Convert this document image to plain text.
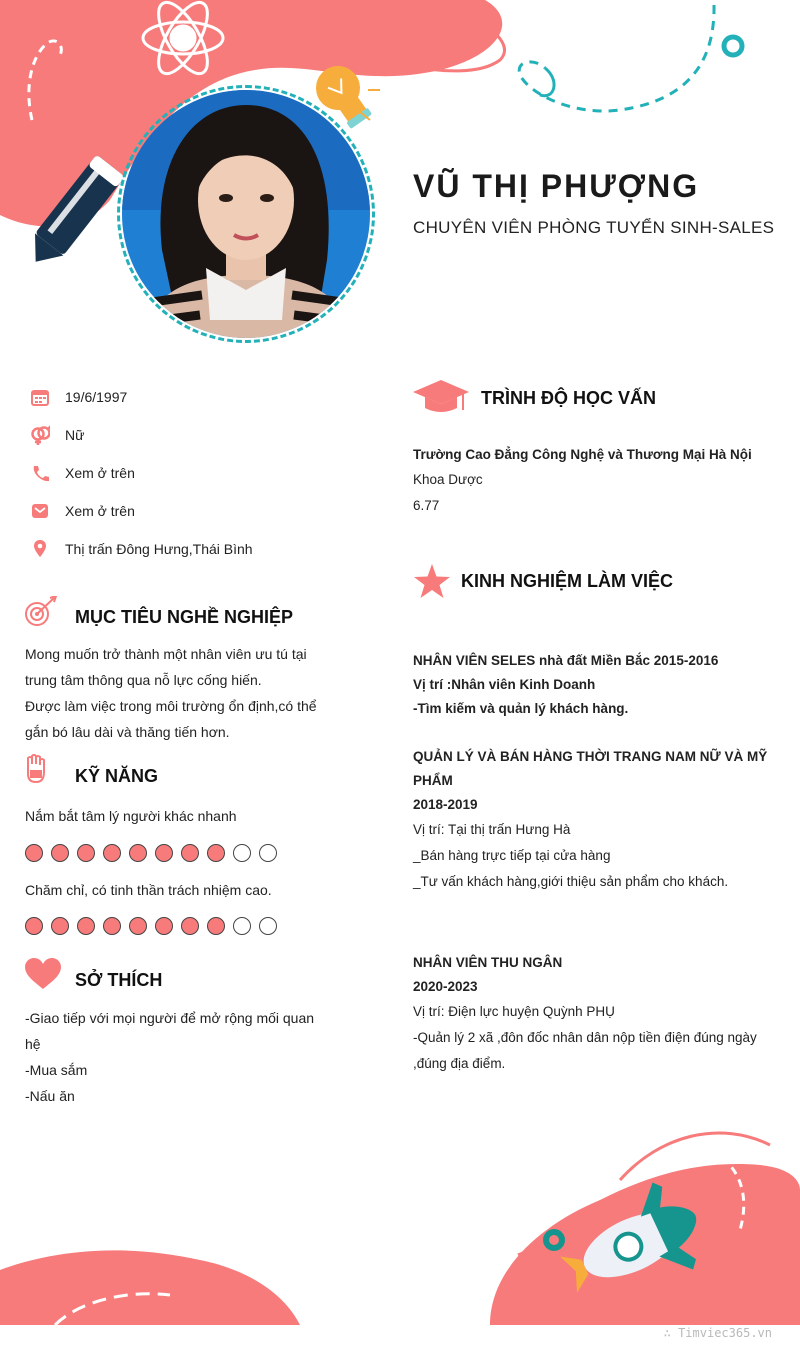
VŨ THỊ PHƯỢNG
CHUYÊN VIÊN PHÒNG TUYỂN SINH-SALES
19/6/1997
Nữ
Xem ở trên
Xem ở trên
Thị trấn Đông Hưng,Thái Bình
MỤC TIÊU NGHỀ NGHIỆP
Mong muốn trở thành một nhân viên ưu tú tại
trung tâm thông qua nỗ lực cống hiến.
Được làm việc trong môi trường ổn định,có thể
gắn bó lâu dài và thăng tiến hơn.
KỸ NĂNG
Nắm bắt tâm lý người khác nhanh
Chăm chỉ, có tinh thần trách nhiệm cao.
SỞ THÍCH
-Giao tiếp với mọi người để mở rộng mối quan
hệ
-Mua sắm
-Nấu ăn
TRÌNH ĐỘ HỌC VẤN
Trường Cao Đẳng Công Nghệ và Thương Mại Hà Nội
Khoa Dược
6.77
KINH NGHIỆM LÀM VIỆC
NHÂN VIÊN SELES nhà đất Miền Bắc 2015-2016
Vị trí :Nhân viên Kinh Doanh
-Tìm kiếm và quản lý khách hàng.
QUẢN LÝ VÀ BÁN HÀNG THỜI TRANG NAM NỮ VÀ MỸ
PHẨM
2018-2019
Vị trí: Tại thị trấn Hưng Hà
_Bán hàng trực tiếp tại cửa hàng
_Tư vấn khách hàng,giới thiệu sản phẩm cho khách.
NHÂN VIÊN THU NGÂN
2020-2023
Vị trí: Điện lực huyện Quỳnh PHỤ
-Quản lý 2 xã ,đôn đốc nhân dân nộp tiền điện đúng ngày
,đúng địa điểm.
∴ Timviec365.vn
